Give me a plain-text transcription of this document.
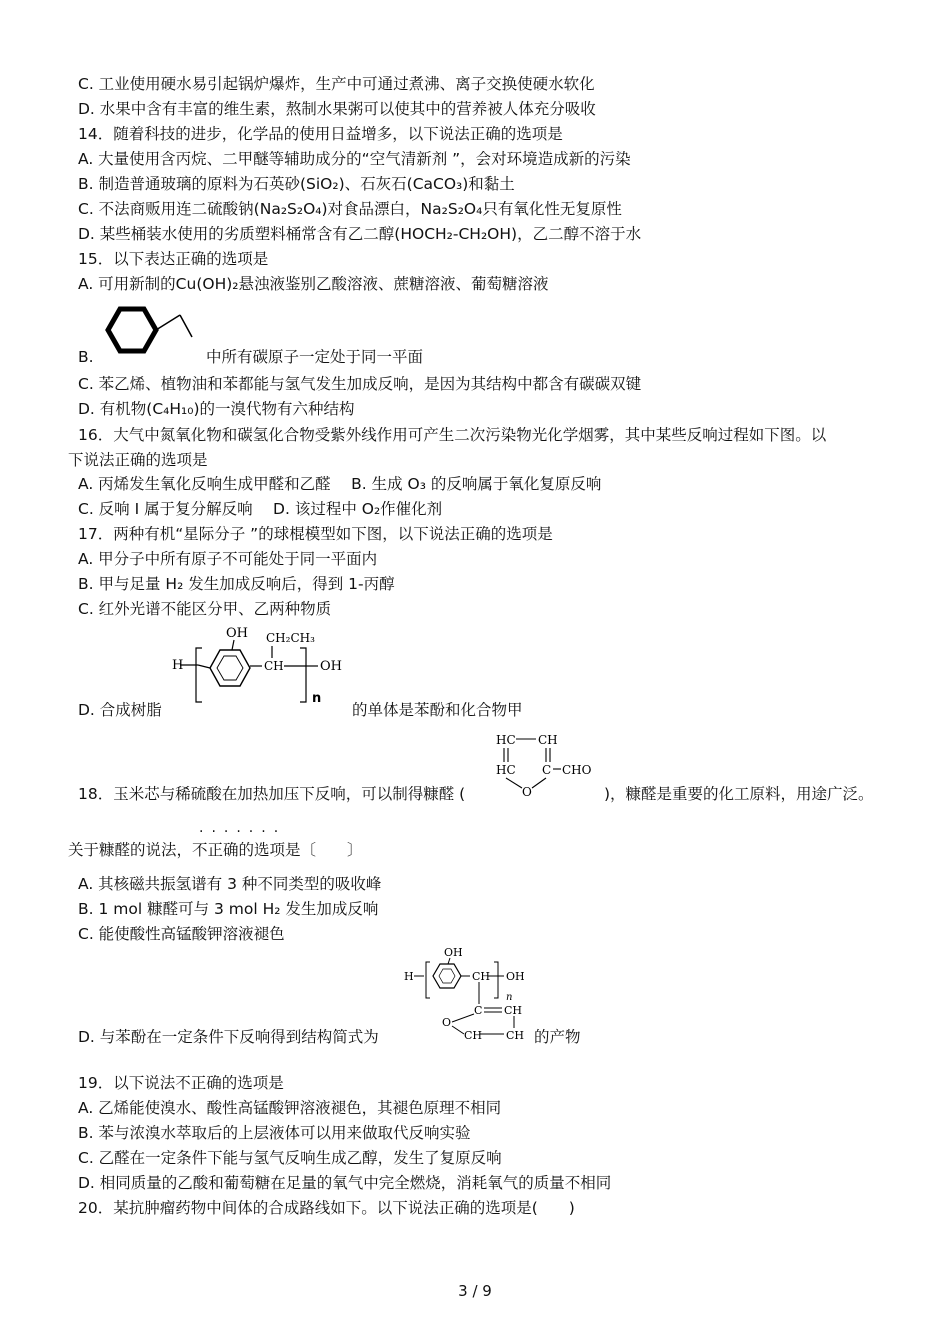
C. 工业使用硬水易引起锅炉爆炸，生产中可通过煮沸、离子交换使硬水软化
D. 水果中含有丰富的维生素，熬制水果粥可以使其中的营养被人体充分吸收
14．随着科技的进步，化学品的使用日益增多，以下说法正确的选项是
A. 大量使用含丙烷、二甲醚等辅助成分的“空气清新剂 ”，会对环境造成新的污染
B. 制造普通玻璃的原料为石英砂(SiO₂)、石灰石(CaCO₃)和黏土
C. 不法商贩用连二硫酸钠(Na₂S₂O₄)对食品漂白，Na₂S₂O₄只有氧化性无复原性
D. 某些桶装水使用的劣质塑料桶常含有乙二醇(HOCH₂-CH₂OH)，乙二醇不溶于水
15．以下表达正确的选项是
A. 可用新制的Cu(OH)₂悬浊液鉴别乙酸溶液、蔗糖溶液、葡萄糖溶液
B.	中所有碳原子一定处于同一平面
C. 苯乙烯、植物油和苯都能与氢气发生加成反响，是因为其结构中都含有碳碳双键
D. 有机物(C₄H₁₀)的一溴代物有六种结构
16．大气中氮氧化物和碳氢化合物受紫外线作用可产生二次污染物光化学烟雾，其中某些反响过程如下图。以
下说法正确的选项是
A. 丙烯发生氧化反响生成甲醛和乙醛　 B. 生成 O₃ 的反响属于氧化复原反响
C. 反响 I 属于复分解反响　 D. 该过程中 O₂作催化剂
17．两种有机“星际分子 ”的球棍模型如下图，以下说法正确的选项是
A. 甲分子中所有原子不可能处于同一平面内
B. 甲与足量 H₂ 发生加成反响后，得到 1-丙醇
C. 红外光谱不能区分甲、乙两种物质
D. 合成树脂
OH CH₂CH₃
H	CH	OH
n
的单体是苯酚和化合物甲
18．玉米芯与稀硫酸在加热加压下反响，可以制得糠醛 (
HC CH
HC C CHO
O	)，糠醛是重要的化工原料，用途广泛。
·······
关于糠醛的说法，不正确的选项是〔　　〕
A. 其核磁共振氢谱有 3 种不同类型的吸收峰
B. 1 mol 糠醛可与 3 mol H₂ 发生加成反响
C. 能使酸性高锰酸钾溶液褪色
D. 与苯酚在一定条件下反响得到结构简式为
OH
H	CH OH
n
C CH
O
CH CH 的产物
19．以下说法不正确的选项是
A. 乙烯能使溴水、酸性高锰酸钾溶液褪色，其褪色原理不相同
B. 苯与浓溴水萃取后的上层液体可以用来做取代反响实验
C. 乙醛在一定条件下能与氢气反响生成乙醇，发生了复原反响
D. 相同质量的乙酸和葡萄糖在足量的氧气中完全燃烧，消耗氧气的质量不相同
20．某抗肿瘤药物中间体的合成路线如下。以下说法正确的选项是(　　)
3 / 9
